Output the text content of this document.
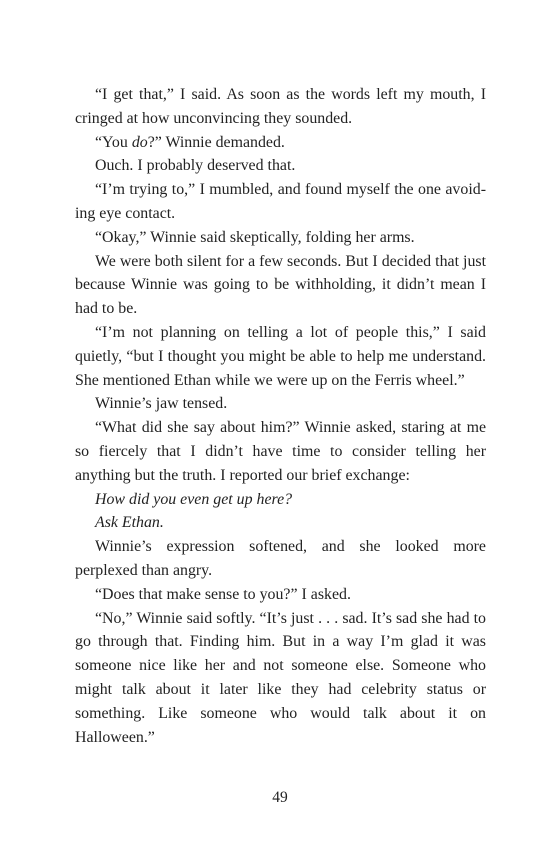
“I get that,” I said. As soon as the words left my mouth, I cringed at how unconvincing they sounded.

“You do?” Winnie demanded.

Ouch. I probably deserved that.

“I’m trying to,” I mumbled, and found myself the one avoiding eye contact.

“Okay,” Winnie said skeptically, folding her arms.

We were both silent for a few seconds. But I decided that just because Winnie was going to be withholding, it didn’t mean I had to be.

“I’m not planning on telling a lot of people this,” I said quietly, “but I thought you might be able to help me understand. She mentioned Ethan while we were up on the Ferris wheel.”

Winnie’s jaw tensed.

“What did she say about him?” Winnie asked, staring at me so fiercely that I didn’t have time to consider telling her anything but the truth. I reported our brief exchange:

How did you even get up here?

Ask Ethan.

Winnie’s expression softened, and she looked more perplexed than angry.

“Does that make sense to you?” I asked.

“No,” Winnie said softly. “It’s just . . . sad. It’s sad she had to go through that. Finding him. But in a way I’m glad it was someone nice like her and not someone else. Someone who might talk about it later like they had celebrity status or something. Like someone who would talk about it on Halloween.”

49
